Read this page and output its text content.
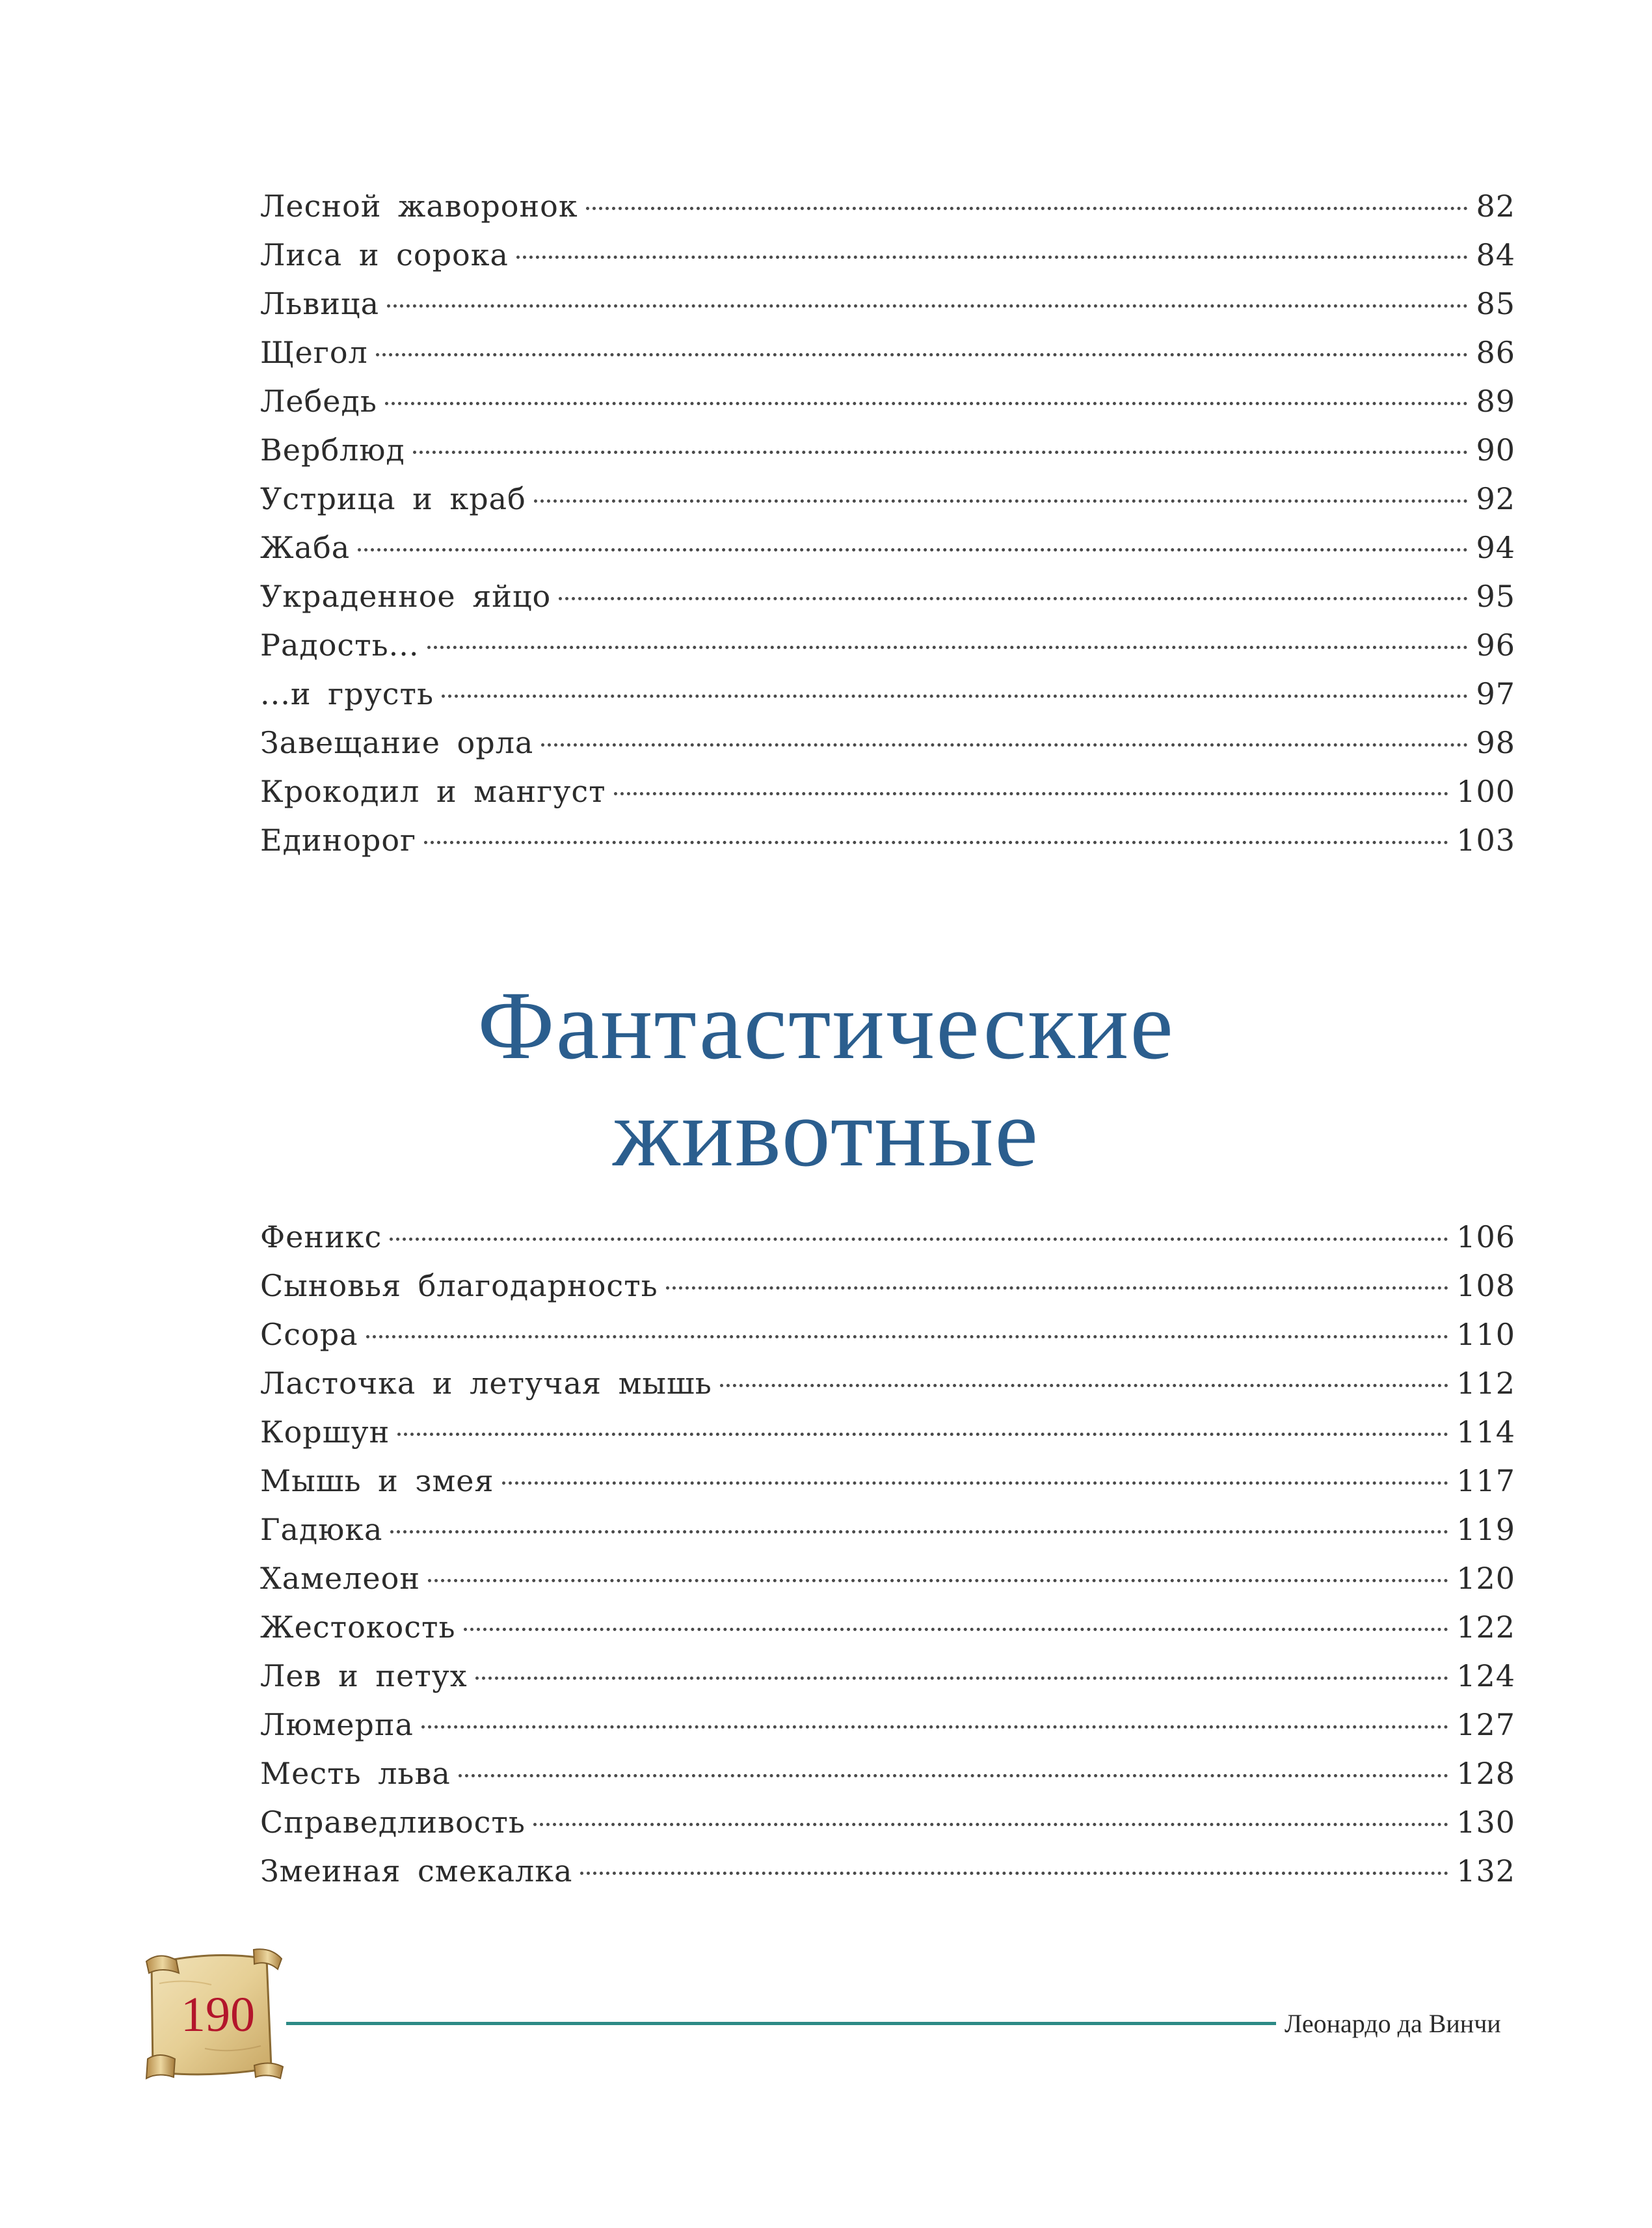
Лесной жаворонок	82
Лиса и сорока	84
Львица	85
Щегол	86
Лебедь	89
Верблюд	90
Устрица и краб	92
Жаба	94
Украденное яйцо	95
Радость...	96
...и грусть	97
Завещание орла	98
Крокодил и мангуст	100
Единорог	103
Фантастические
животные
Феникс	106
Сыновья благодарность	108
Ссора	110
Ласточка и летучая мышь	112
Коршун	114
Мышь и змея	117
Гадюка	119
Хамелеон	120
Жестокость	122
Лев и петух	124
Люмерпа	127
Месть льва	128
Справедливость	130
Змеиная смекалка	132
190	Леонардо да Винчи
